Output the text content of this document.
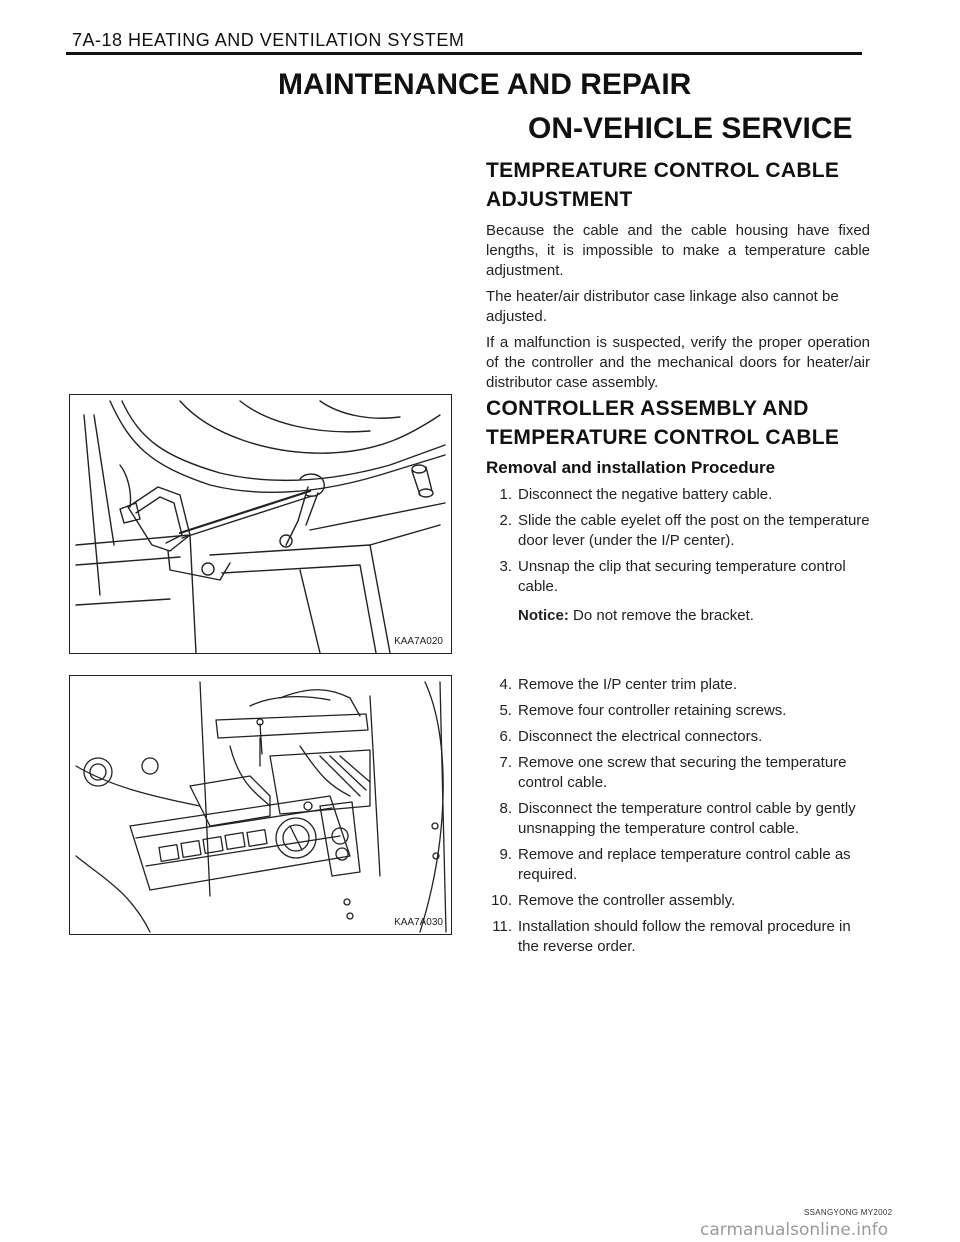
7A-18 HEATING AND VENTILATION SYSTEM
MAINTENANCE AND REPAIR
ON-VEHICLE SERVICE
TEMPREATURE CONTROL CABLE
ADJUSTMENT

Because the cable and the cable housing have fixed lengths, it is impossible to make a temperature cable adjustment.

The heater/air distributor case linkage also cannot be adjusted.

If a malfunction is suspected, verify the proper operation of the controller and the mechanical doors for heater/air distributor case assembly.

KAA7A020
CONTROLLER ASSEMBLY AND
TEMPERATURE CONTROL CABLE
Removal and installation Procedure
1. Disconnect the negative battery cable.
2. Slide the cable eyelet off the post on the temperature door lever (under the I/P center).
3. Unsnap the clip that securing temperature control cable.
Notice: Do not remove the bracket.
KAA7A030
4. Remove the I/P center trim plate.
5. Remove four controller retaining screws.
6. Disconnect the electrical connectors.
7. Remove one screw that securing the temperature control cable.
8. Disconnect the temperature control cable by gently unsnapping the temperature control cable.
9. Remove and replace temperature control cable as required.
10. Remove the controller assembly.
11. Installation should follow the removal procedure in the reverse order.
SSANGYONG MY2002
carmanualsonline.info
